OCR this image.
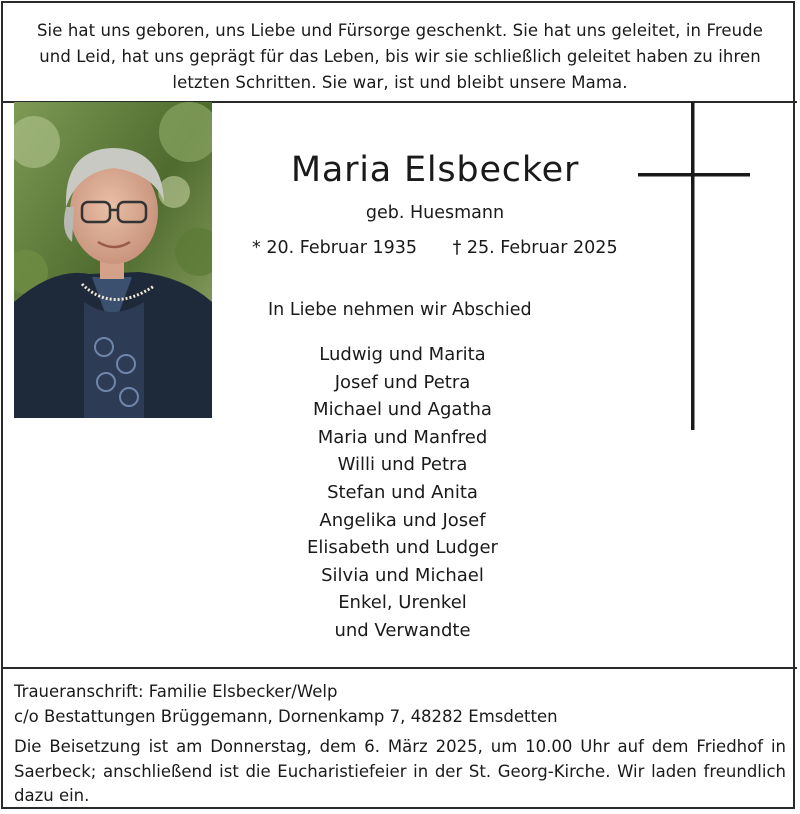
Sie hat uns geboren, uns Liebe und Fürsorge geschenkt. Sie hat uns geleitet, in Freude und Leid, hat uns geprägt für das Leben, bis wir sie schließlich geleitet haben zu ihren letzten Schritten. Sie war, ist und bleibt unsere Mama.
Maria Elsbecker
geb. Huesmann
* 20. Februar 1935 † 25. Februar 2025
In Liebe nehmen wir Abschied
Ludwig und Marita
Josef und Petra
Michael und Agatha
Maria und Manfred
Willi und Petra
Stefan und Anita
Angelika und Josef
Elisabeth und Ludger
Silvia und Michael
Enkel, Urenkel
und Verwandte
Traueranschrift: Familie Elsbecker/Welp
c/o Bestattungen Brüggemann, Dornenkamp 7, 48282 Emsdetten
Die Beisetzung ist am Donnerstag, dem 6. März 2025, um 10.00 Uhr auf dem Friedhof in Saerbeck; anschließend ist die Eucharistiefeier in der St. Georg-Kirche. Wir laden freundlich dazu ein.
